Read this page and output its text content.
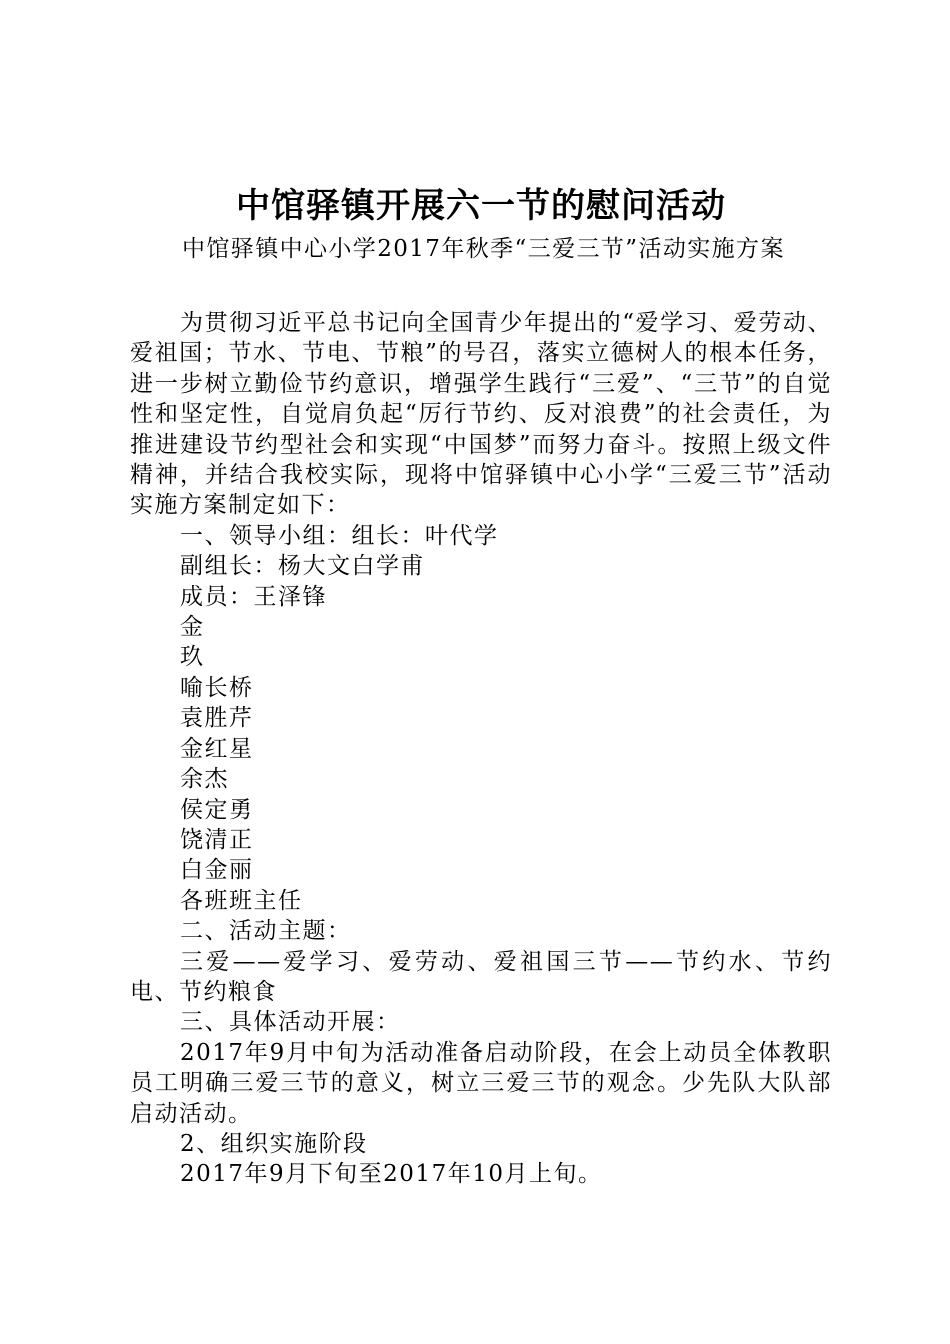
中馆驿镇开展六一节的慰问活动
中馆驿镇中心小学2017年秋季“三爱三节”活动实施方案

为贯彻习近平总书记向全国青少年提出的“爱学习、爱劳动、爱祖国；节水、节电、节粮”的号召，落实立德树人的根本任务，进一步树立勤俭节约意识，增强学生践行“三爱”、“三节”的自觉性和坚定性，自觉肩负起“厉行节约、反对浪费”的社会责任，为推进建设节约型社会和实现“中国梦”而努力奋斗。按照上级文件精神，并结合我校实际，现将中馆驿镇中心小学“三爱三节”活动实施方案制定如下：

一、领导小组：组长：叶代学
副组长：杨大文白学甫
成员：王泽锋
金
玖
喻长桥
袁胜芹
金红星
余杰
侯定勇
饶清正
白金丽
各班班主任
二、活动主题：

三爱——爱学习、爱劳动、爱祖国三节——节约水、节约电、节约粮食

三、具体活动开展：

2017年9月中旬为活动准备启动阶段，在会上动员全体教职员工明确三爱三节的意义，树立三爱三节的观念。少先队大队部启动活动。

2、组织实施阶段
2017年9月下旬至2017年10月上旬。
